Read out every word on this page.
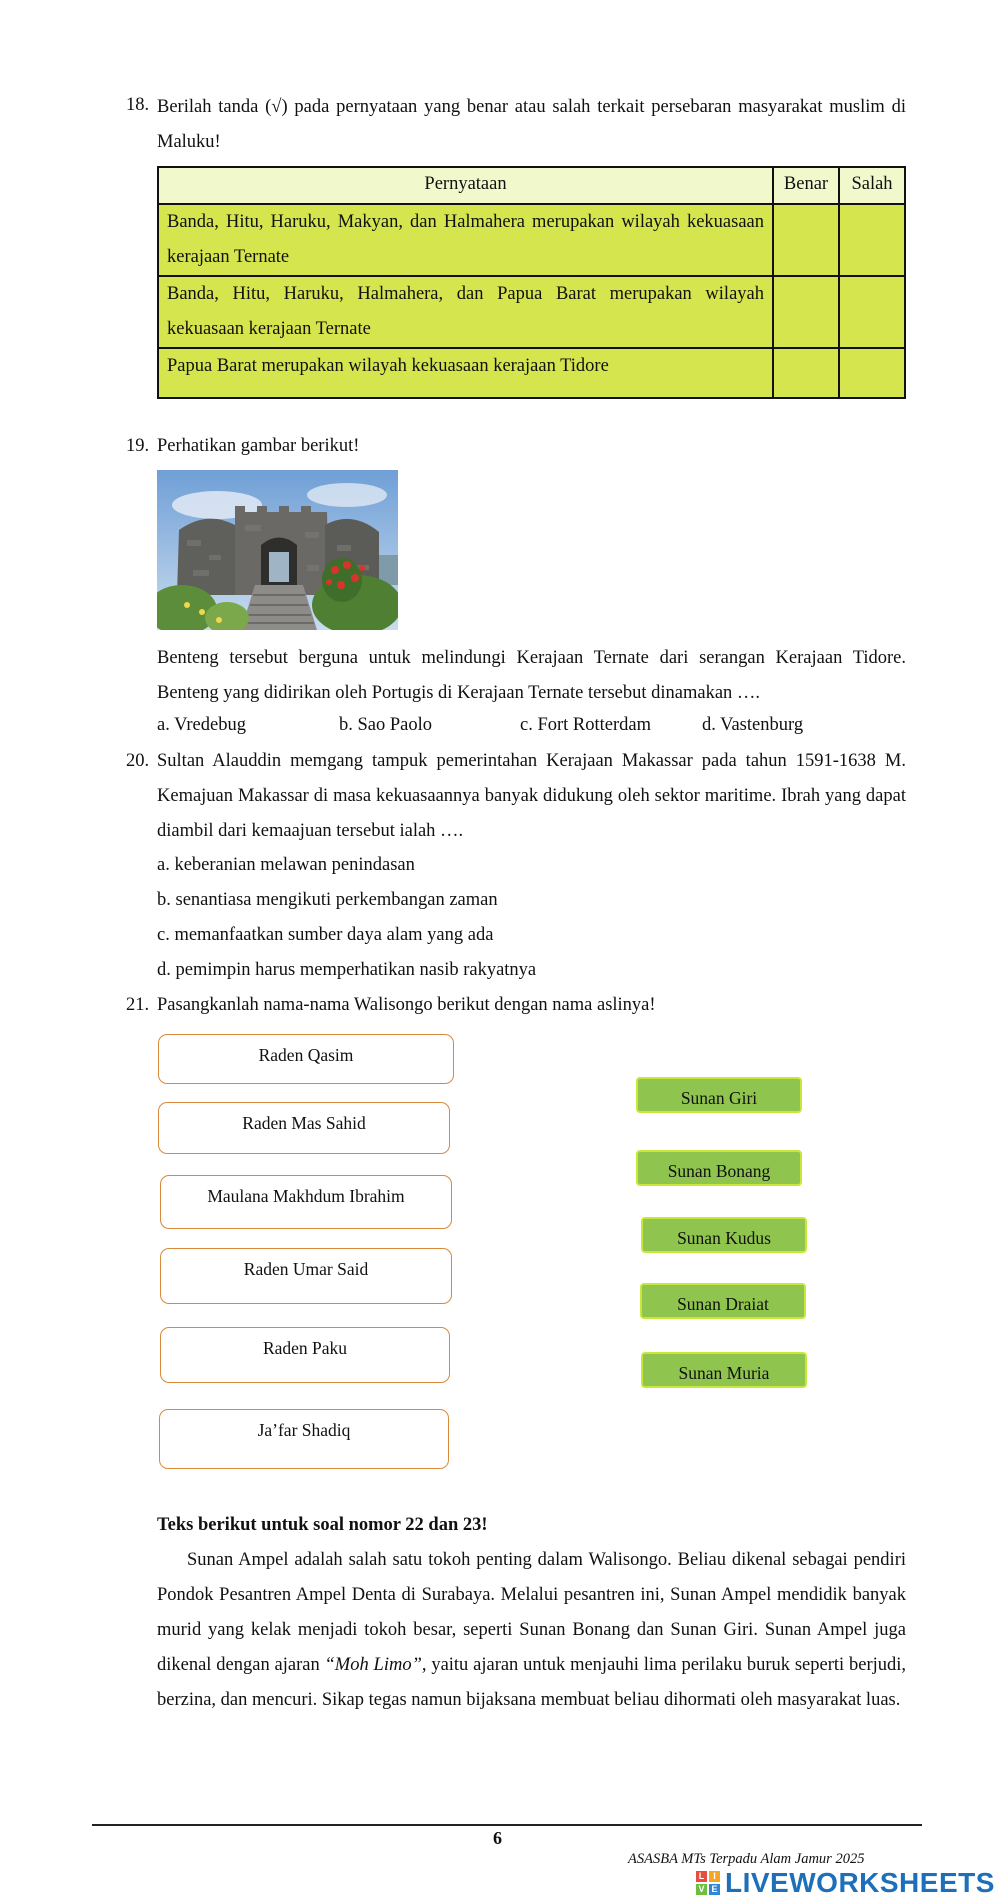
18. Berilah tanda (√) pada pernyataan yang benar atau salah terkait persebaran masyarakat muslim di Maluku!
Pernyataan	Benar	Salah
Banda, Hitu, Haruku, Makyan, dan Halmahera merupakan wilayah kekuasaan kerajaan Ternate		
Banda, Hitu, Haruku, Halmahera, dan Papua Barat merupakan wilayah kekuasaan kerajaan Ternate		
Papua Barat merupakan wilayah kekuasaan kerajaan Tidore		
19. Perhatikan gambar berikut!
Benteng tersebut berguna untuk melindungi Kerajaan Ternate dari serangan Kerajaan Tidore. Benteng yang didirikan oleh Portugis di Kerajaan Ternate tersebut dinamakan ….
a. Vredebug	b. Sao Paolo	c. Fort Rotterdam	d. Vastenburg
20. Sultan Alauddin memgang tampuk pemerintahan Kerajaan Makassar pada tahun 1591-1638 M. Kemajuan Makassar di masa kekuasaannya banyak didukung oleh sektor maritime. Ibrah yang dapat diambil dari kemaajuan tersebut ialah ….
a. keberanian melawan penindasan
b. senantiasa mengikuti perkembangan zaman
c. memanfaatkan sumber daya alam yang ada
d. pemimpin harus memperhatikan nasib rakyatnya
21. Pasangkanlah nama-nama Walisongo berikut dengan nama aslinya!
Raden Qasim
Raden Mas Sahid
Maulana Makhdum Ibrahim
Raden Umar Said
Raden Paku
Ja’far Shadiq
Sunan Giri
Sunan Bonang
Sunan Kudus
Sunan Draiat
Sunan Muria
Teks berikut untuk soal nomor 22 dan 23!
Sunan Ampel adalah salah satu tokoh penting dalam Walisongo. Beliau dikenal sebagai pendiri Pondok Pesantren Ampel Denta di Surabaya. Melalui pesantren ini, Sunan Ampel mendidik banyak murid yang kelak menjadi tokoh besar, seperti Sunan Bonang dan Sunan Giri. Sunan Ampel juga dikenal dengan ajaran “Moh Limo”, yaitu ajaran untuk menjauhi lima perilaku buruk seperti berjudi, berzina, dan mencuri. Sikap tegas namun bijaksana membuat beliau dihormati oleh masyarakat luas.
6
ASASBA MTs Terpadu Alam Jamur 2025
L I
V E LIVEWORKSHEETS
